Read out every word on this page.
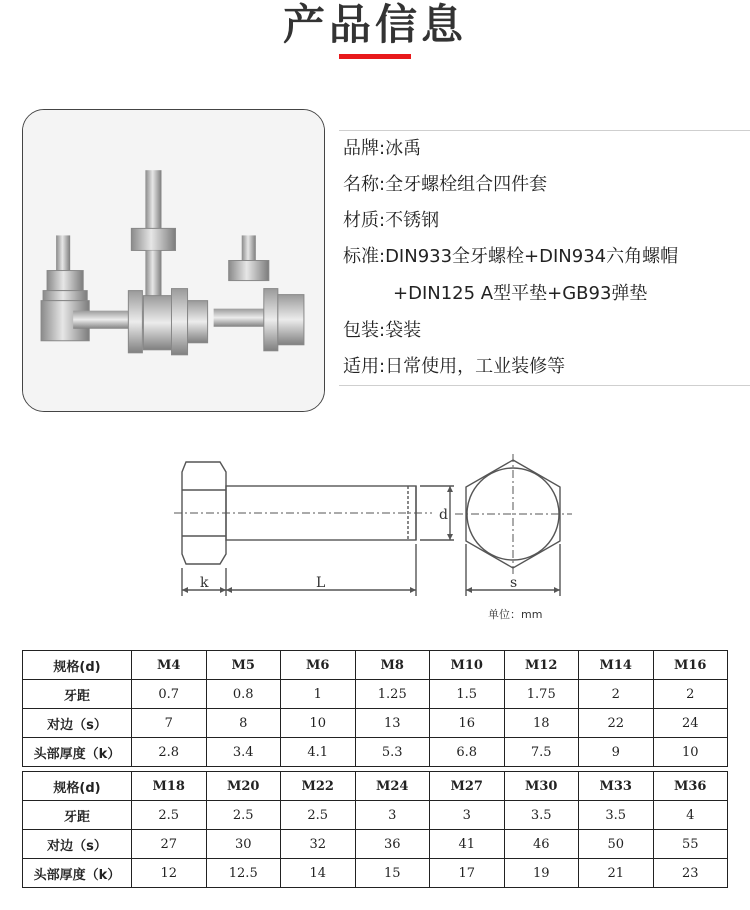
产品信息
品牌:冰禹
名称:全牙螺栓组合四件套
材质:不锈钢
标准:DIN933全牙螺栓+DIN934六角螺帽
+DIN125 A型平垫+GB93弹垫
包装:袋装
适用:日常使用，工业装修等
k	L
d
s
单位：mm
规格(d)	M4	M5	M6	M8	M10	M12	M14	M16
牙距	0.7	0.8	1	1.25	1.5	1.75	2	2
对边（s）	7	8	10	13	16	18	22	24
头部厚度（k）	2.8	3.4	4.1	5.3	6.8	7.5	9	10

规格(d)	M18	M20	M22	M24	M27	M30	M33	M36
牙距	2.5	2.5	2.5	3	3	3.5	3.5	4
对边（s）	27	30	32	36	41	46	50	55
头部厚度（k）	12	12.5	14	15	17	19	21	23
